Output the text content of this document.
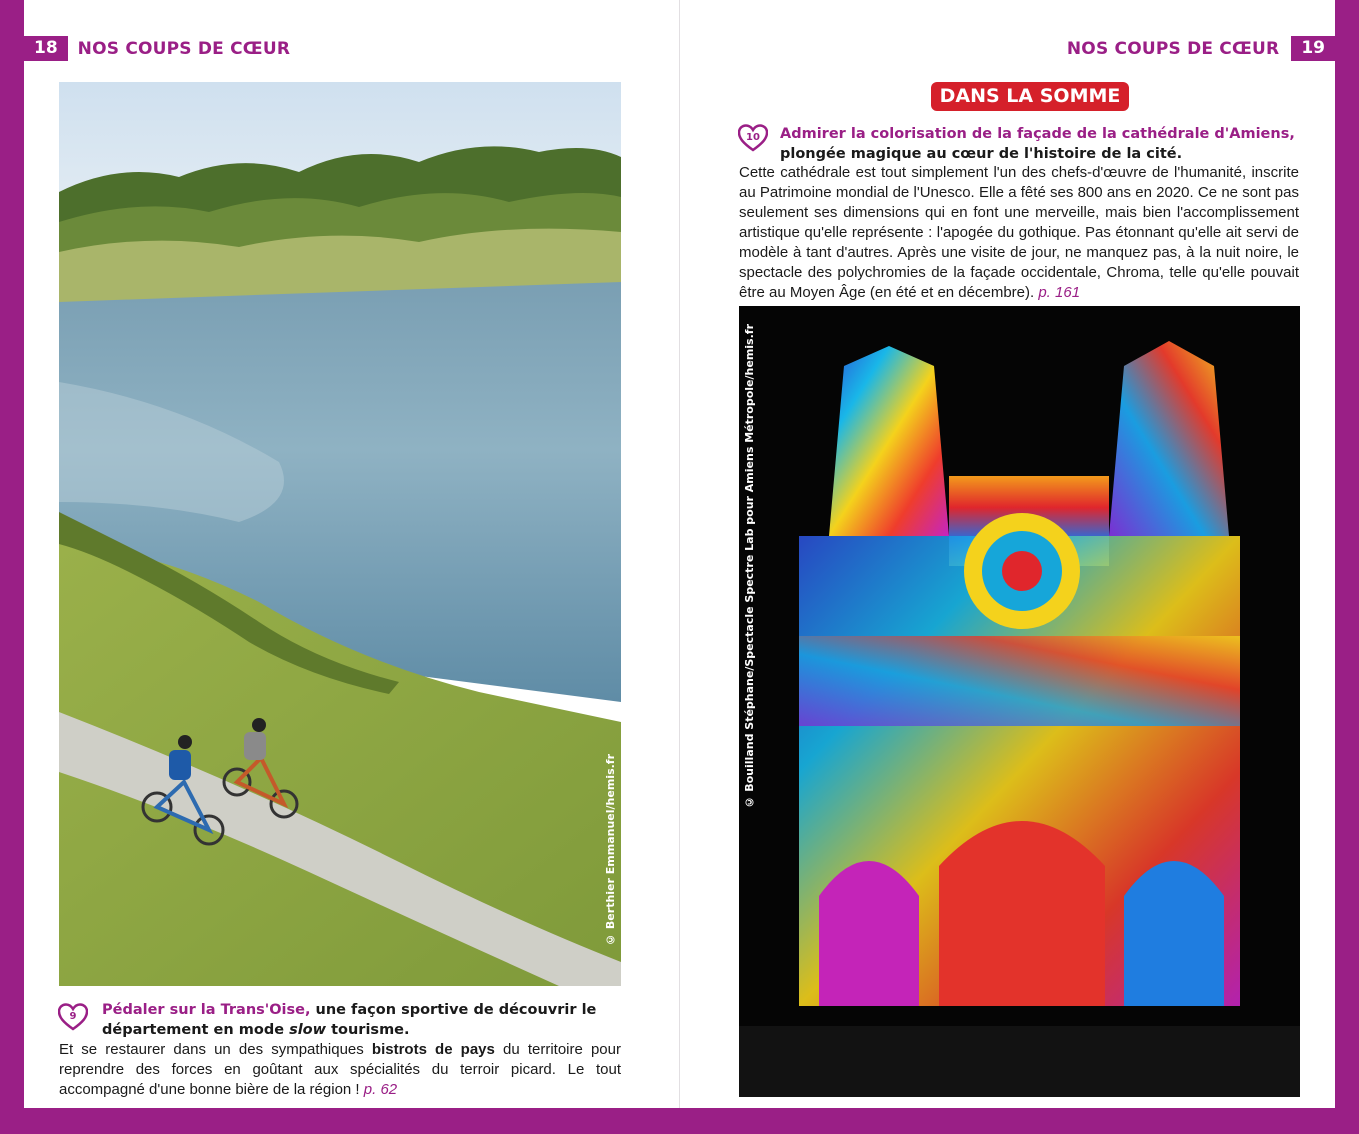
18	NOS COUPS DE CŒUR
© Berthier Emmanuel/hemis.fr
9	Pédaler sur la Trans'Oise, une façon sportive de découvrir le
département en mode slow tourisme.
Et se restaurer dans un des sympathiques bistrots de pays du territoire pour reprendre des forces en goûtant aux spécialités du terroir picard. Le tout accompagné d'une bonne bière de la région ! p. 62
NOS COUPS DE CŒUR	19
DANS LA SOMME
10	Admirer la colorisation de la façade de la cathédrale d'Amiens,
plongée magique au cœur de l'histoire de la cité.
Cette cathédrale est tout simplement l'un des chefs-d'œuvre de l'humanité, inscrite au Patrimoine mondial de l'Unesco. Elle a fêté ses 800 ans en 2020. Ce ne sont pas seulement ses dimensions qui en font une merveille, mais bien l'accomplissement artistique qu'elle représente : l'apogée du gothique. Pas étonnant qu'elle ait servi de modèle à tant d'autres. Après une visite de jour, ne manquez pas, à la nuit noire, le spectacle des polychromies de la façade occidentale, Chroma, telle qu'elle pouvait être au Moyen Âge (en été et en décembre). p. 161
© Bouilland Stéphane/Spectacle Spectre Lab pour Amiens Métropole/hemis.fr
